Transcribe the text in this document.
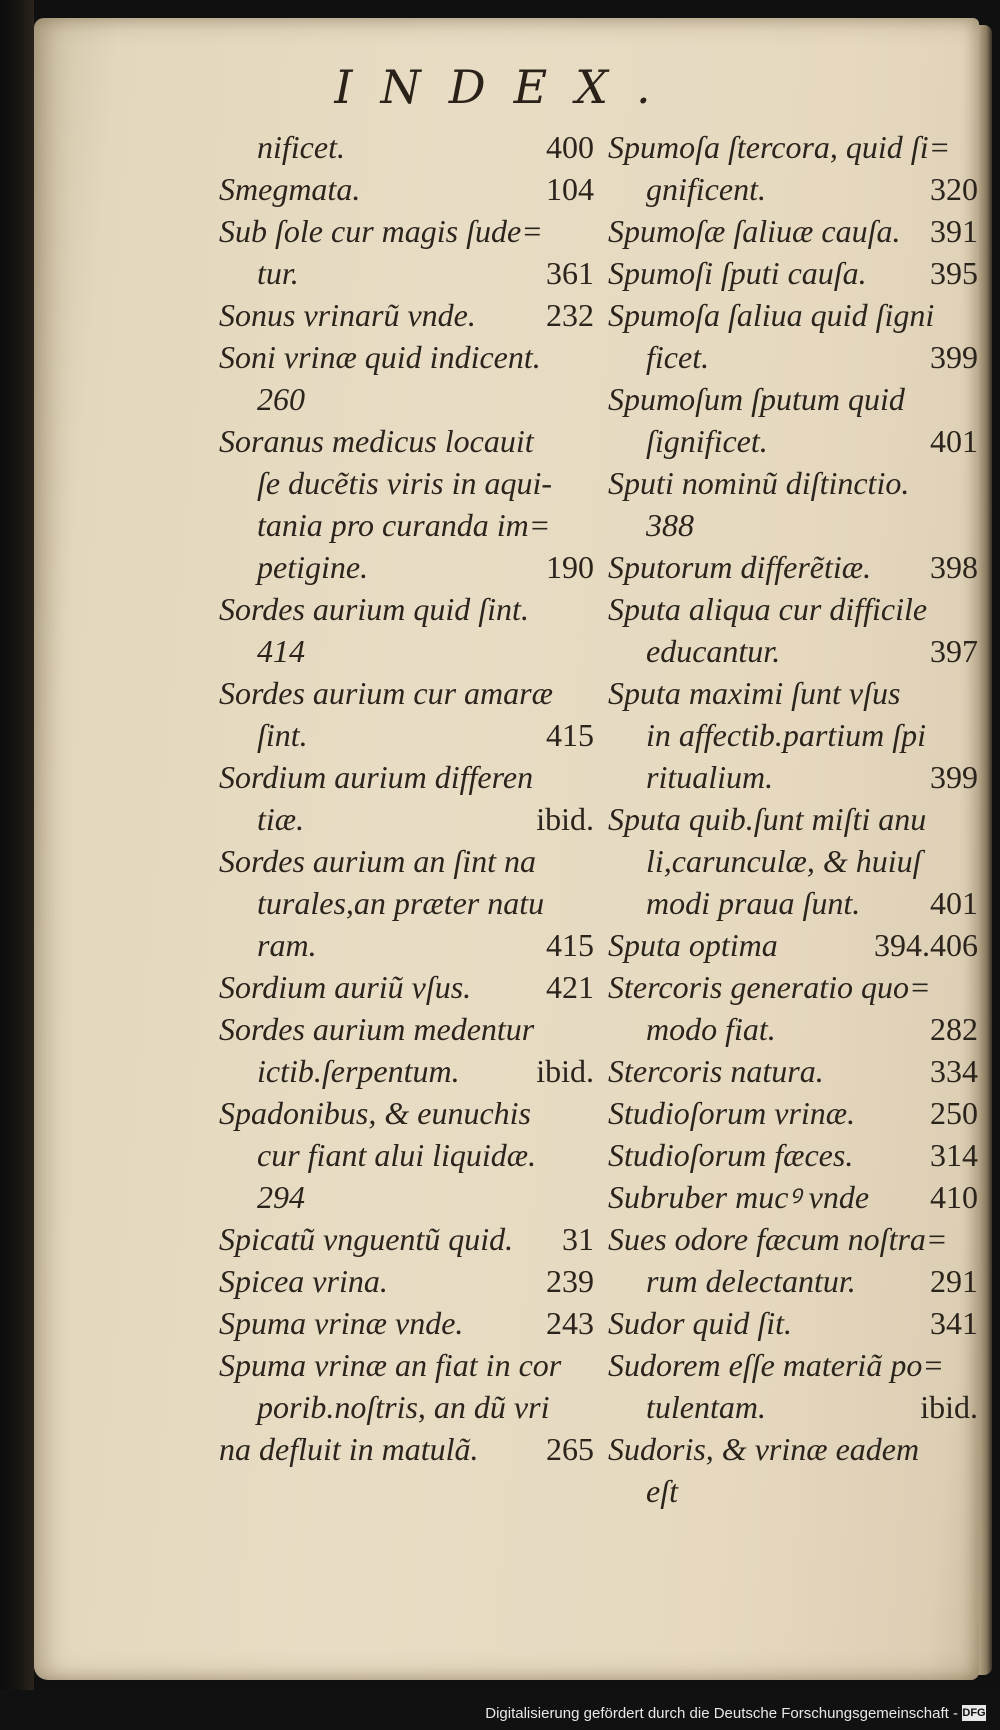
INDEX.
nificet.	400
Smegmata.	104
Sub ſole cur magis ſude=
tur.	361
Sonus vrinarũ vnde. 232
Soni vrinæ quid indicent.
260
Soranus medicus locauit
ſe ducẽtis viris in aqui-
tania pro curanda im=
petigine.	190
Sordes aurium quid ſint.
414
Sordes aurium cur amaræ
ſint.	415
Sordium aurium differen
tiæ.	ibid.
Sordes aurium an ſint na
turales,an præter natu
ram.	415
Sordium auriũ vſus. 421
Sordes aurium medentur
ictib.ſerpentum. ibid.
Spadonibus, & eunuchis
cur fiant alui liquidæ.
294
Spicatũ vnguentũ quid. 31
Spicea vrina.	239
Spuma vrinæ vnde.	243
Spuma vrinæ an fiat in cor
porib.noſtris, an dũ vri
na defluit in matulã. 265
Spumoſa ſtercora, quid ſi=
gnificent.	320
Spumoſæ ſaliuæ cauſa. 391
Spumoſi ſputi cauſa. 395
Spumoſa ſaliua quid ſigni
ficet.	399
Spumoſum ſputum quid
ſignificet.	401
Sputi nominũ diſtinctio.
388
Sputorum differẽtiæ. 398
Sputa aliqua cur difficile
educantur.	397
Sputa maximi ſunt vſus
in affectib.partium ſpi
ritualium.	399
Sputa quib.ſunt miſti anu
li,carunculæ, & huiuſ
modi praua ſunt. 401
Sputa optima	394.406
Stercoris generatio quo=
modo fiat.	282
Stercoris natura.	334
Studioſorum vrinæ. 250
Studioſorum fæces. 314
Subruber mucꝰ vnde 410
Sues odore fæcum noſtra=
rum delectantur. 291
Sudor quid ſit.	341
Sudorem eſſe materiã po=
tulentam.	ibid.
Sudoris, & vrinæ eadem
eſt
Digitalisierung gefördert durch die Deutsche Forschungsgemeinschaft - DFG
